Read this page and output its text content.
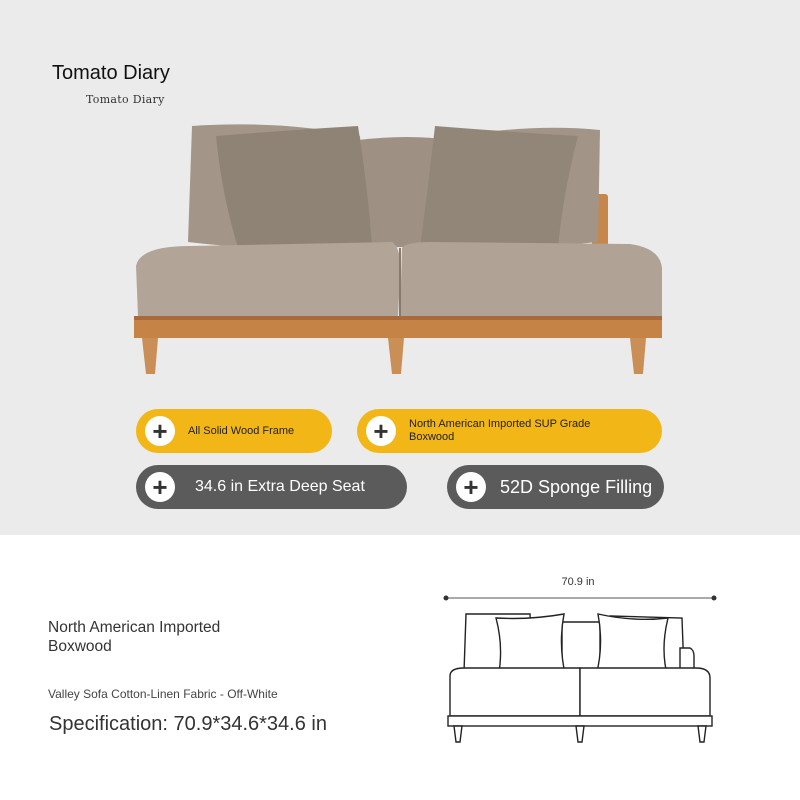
Tomato Diary
Tomato Diary
+	All Solid Wood Frame	+	North American Imported SUP Grade Boxwood
+	34.6 in Extra Deep Seat	+	52D Sponge Filling
North American Imported Boxwood
Valley Sofa Cotton-Linen Fabric - Off-White
Specification: 70.9*34.6*34.6 in
70.9 in
